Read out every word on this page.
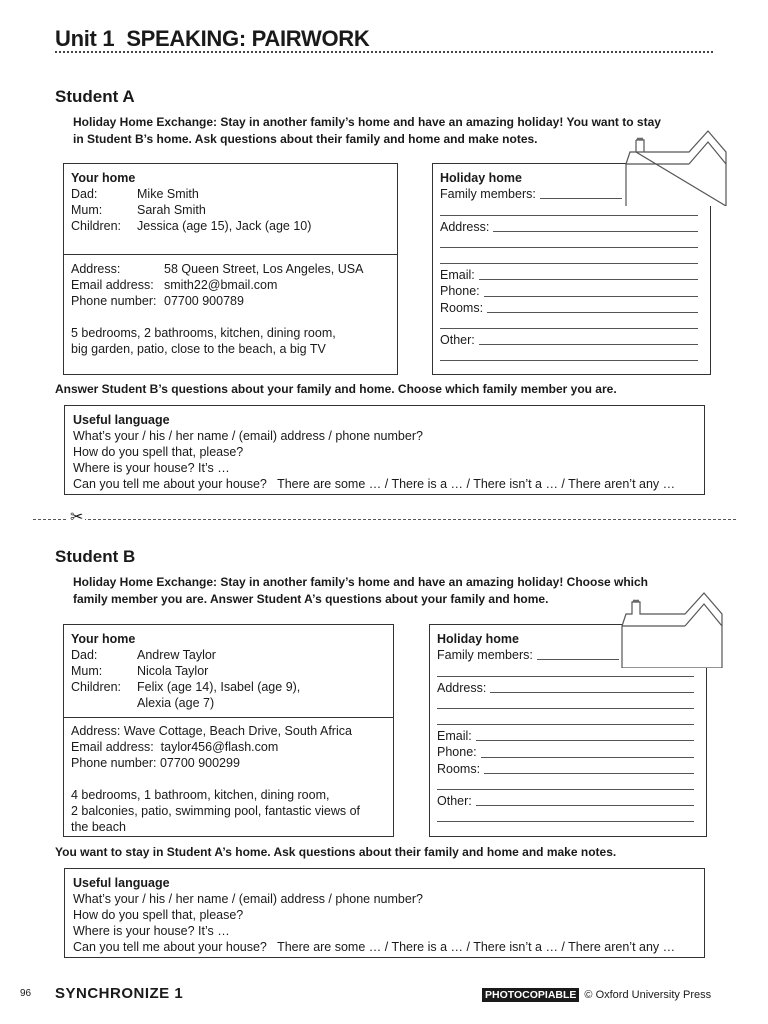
Unit 1 SPEAKING: PAIRWORK
Student A
Holiday Home Exchange: Stay in another family’s home and have an amazing holiday! You want to stay
in Student B’s home. Ask questions about their family and home and make notes.
Your home
Dad:	Mike Smith
Mum:	Sarah Smith
Children:	Jessica (age 15), Jack (age 10)
Address:	58 Queen Street, Los Angeles, USA
Email address: smith22@bmail.com
Phone number: 07700 900789
5 bedrooms, 2 bathrooms, kitchen, dining room,
big garden, patio, close to the beach, a big TV
Holiday home
Family members:
Address:
Email:
Phone:
Rooms:
Other:
Answer Student B’s questions about your family and home. Choose which family member you are.
Useful language
What’s your / his / her name / (email) address / phone number?
How do you spell that, please?
Where is your house? It’s …
Can you tell me about your house?   There are some … / There is a … / There isn’t a … / There aren’t any …
✂
Student B
Holiday Home Exchange: Stay in another family’s home and have an amazing holiday! Choose which
family member you are. Answer Student A’s questions about your family and home.
Your home
Dad:	Andrew Taylor
Mum:	Nicola Taylor
Children:	Felix (age 14), Isabel (age 9),
Alexia (age 7)
Address: Wave Cottage, Beach Drive, South Africa
Email address: taylor456@flash.com
Phone number: 07700 900299
4 bedrooms, 1 bathroom, kitchen, dining room,
2 balconies, patio, swimming pool, fantastic views of
the beach
Holiday home
Family members:
Address:
Email:
Phone:
Rooms:
Other:
You want to stay in Student A’s home. Ask questions about their family and home and make notes.
Useful language
What’s your / his / her name / (email) address / phone number?
How do you spell that, please?
Where is your house? It’s …
Can you tell me about your house?   There are some … / There is a … / There isn’t a … / There aren’t any …
96 SYNCHRONIZE 1	PHOTOCOPIABLE © Oxford University Press
